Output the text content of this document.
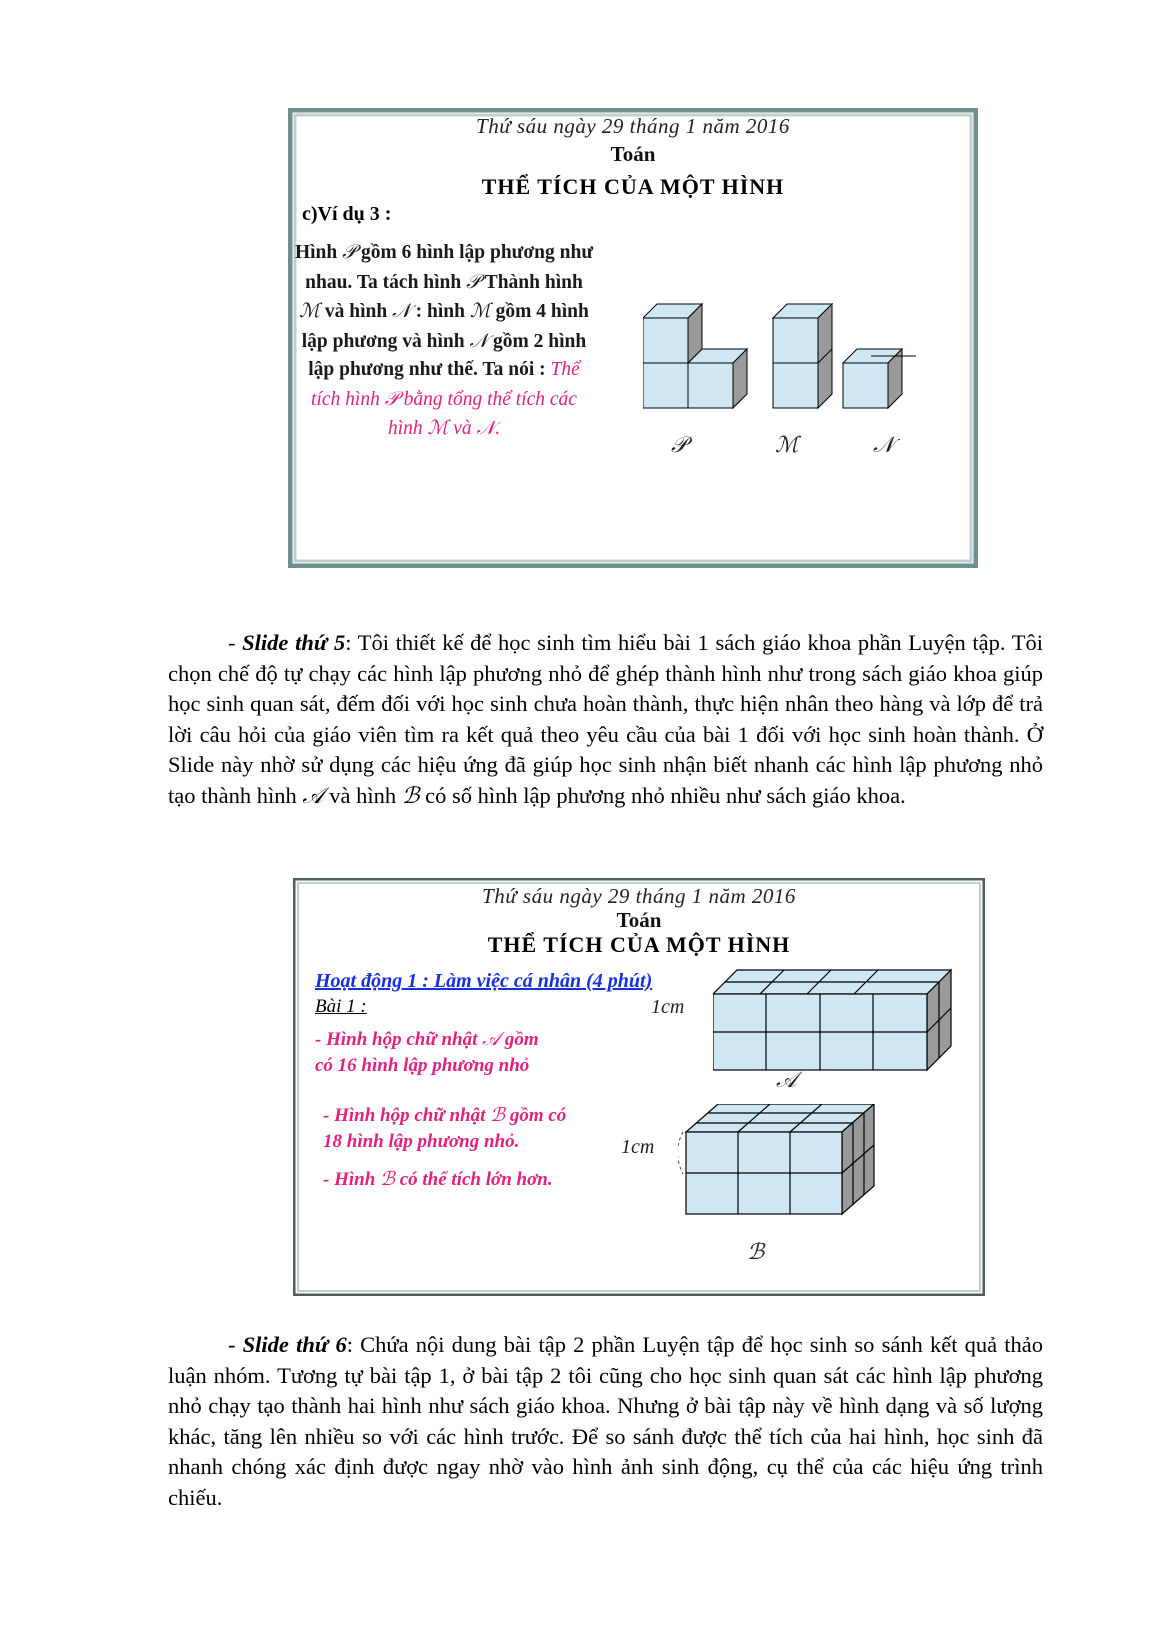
Thứ sáu ngày 29 tháng 1 năm 2016
Toán
THỂ TÍCH CỦA MỘT HÌNH
c)Ví dụ 3 :
Hình 𝒫 gồm 6 hình lập phương như nhau. Ta tách hình 𝒫 Thành hình ℳ và hình 𝒩 : hình ℳ gồm 4 hình lập phương và hình 𝒩 gồm 2 hình lập phương như thế. Ta nói : Thể tích hình 𝒫 bằng tổng thể tích các hình ℳ và 𝒩.
𝒫	ℳ	𝒩
- Slide thứ 5: Tôi thiết kế để học sinh tìm hiểu bài 1 sách giáo khoa phần Luyện tập. Tôi chọn chế độ tự chạy các hình lập phương nhỏ để ghép thành hình như trong sách giáo khoa giúp học sinh quan sát, đếm đối với học sinh chưa hoàn thành, thực hiện nhân theo hàng và lớp để trả lời câu hỏi của giáo viên tìm ra kết quả theo yêu cầu của bài 1 đối với học sinh hoàn thành. Ở Slide này nhờ sử dụng các hiệu ứng đã giúp học sinh nhận biết nhanh các hình lập phương nhỏ tạo thành hình 𝒜 và hình ℬ có số hình lập phương nhỏ nhiều như sách giáo khoa.
Thứ sáu ngày 29 tháng 1 năm 2016
Toán
THỂ TÍCH CỦA MỘT HÌNH
Hoạt động 1 : Làm việc cá nhân (4 phút)
Bài 1 :
- Hình hộp chữ nhật 𝒜 gồm
có 16 hình lập phương nhỏ
- Hình hộp chữ nhật ℬ gồm có
18 hình lập phương nhỏ.
- Hình ℬ có thể tích lớn hơn.
1cm
𝒜
1cm
ℬ
- Slide thứ 6: Chứa nội dung bài tập 2 phần Luyện tập để học sinh so sánh kết quả thảo luận nhóm. Tương tự bài tập 1, ở bài tập 2 tôi cũng cho học sinh quan sát các hình lập phương nhỏ chạy tạo thành hai hình như sách giáo khoa. Nhưng ở bài tập này về hình dạng và số lượng khác, tăng lên nhiều so với các hình trước. Để so sánh được thể tích của hai hình, học sinh đã nhanh chóng xác định được ngay nhờ vào hình ảnh sinh động, cụ thể của các hiệu ứng trình chiếu.
